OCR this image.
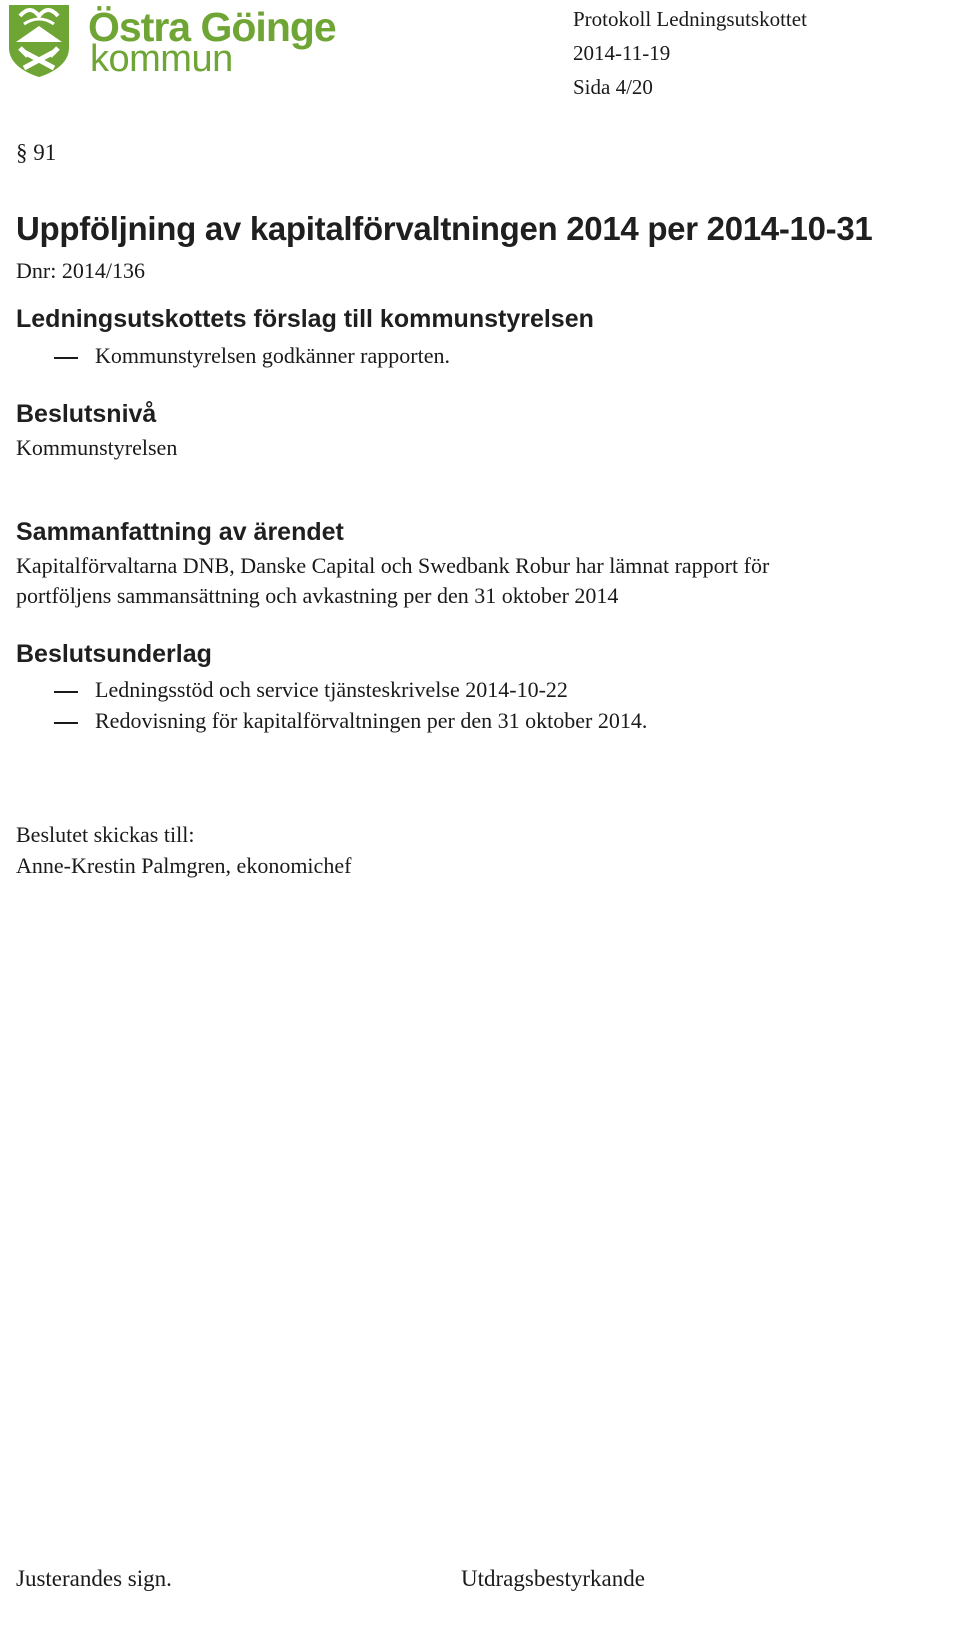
Östra Göinge
kommun
Protokoll Ledningsutskottet
2014-11-19
Sida 4/20
§ 91
Uppföljning av kapitalförvaltningen 2014 per 2014-10-31
Dnr: 2014/136
Ledningsutskottets förslag till kommunstyrelsen
Kommunstyrelsen godkänner rapporten.
Beslutsnivå
Kommunstyrelsen
Sammanfattning av ärendet
Kapitalförvaltarna DNB, Danske Capital och Swedbank Robur har lämnat rapport för
portföljens sammansättning och avkastning per den 31 oktober 2014
Beslutsunderlag
Ledningsstöd och service tjänsteskrivelse 2014-10-22
Redovisning för kapitalförvaltningen per den 31 oktober 2014.
Beslutet skickas till:
Anne-Krestin Palmgren, ekonomichef
Justerandes sign.	Utdragsbestyrkande
